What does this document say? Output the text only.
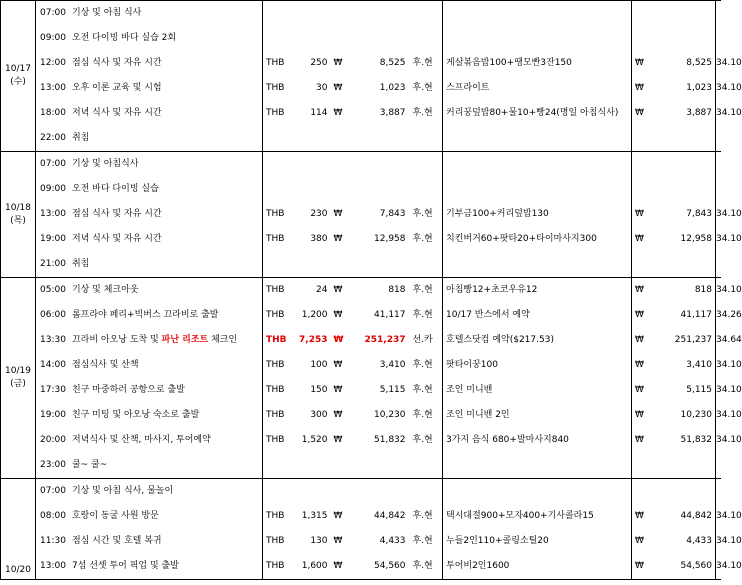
10/17
(수)	07:00 기상 및 아침 식사									
	09:00 오전 다이빙 바다 실습 2회									
	12:00 점심 식사 및 자유 시간	THB	250	₩	8,525	후.현	게살볶음밥100+땡모빤3잔150	₩	8,525	34.10
	13:00 오후 이론 교육 및 시험	THB	30	₩	1,023	후.현	스프라이트	₩	1,023	34.10
	18:00 저녁 식사 및 자유 시간	THB	114	₩	3,887	후.현	커리꿍덮밥80+물10+빵24(명일 아침식사)	₩	3,887	34.10
	22:00 취침									

10/18
(목)	07:00 기상 및 아침식사									
	09:00 오전 바다 다이빙 실습									
	13:00 점심 식사 및 자유 시간	THB	230	₩	7,843	후.현	기부금100+커리덮밥130	₩	7,843	34.10
	19:00 저녁 식사 및 자유 시간	THB	380	₩	12,958	후.현	치킨버거60+팟타20+타이마사지300	₩	12,958	34.10
	21:00 취침									

10/19
(금)	05:00 기상 및 체크아웃	THB	24	₩	818	후.현	아침빵12+초코우유12	₩	818	34.10
	06:00 롬프라야 페리+빅버스 끄라비로 출발	THB	1,200	₩	41,117	후.현	10/17 반스에서 예약	₩	41,117	34.26
	13:30 끄라비 아오낭 도착 및 파난 리조트 체크인	THB	7,253	₩	251,237	선.카	호텔스닷컴 예약($217.53)	₩	251,237	34.64
	14:00 점심식사 및 산책	THB	100	₩	3,410	후.현	팟타이꿍100	₩	3,410	34.10
	17:30 친구 마중하러 공항으로 출발	THB	150	₩	5,115	후.현	조인 미니밴	₩	5,115	34.10
	19:00 친구 미팅 및 아오낭 숙소로 출발	THB	300	₩	10,230	후.현	조인 미니밴 2인	₩	10,230	34.10
	20:00 저녁식사 및 산책, 마사지, 투어예약	THB	1,520	₩	51,832	후.현	3가지 음식 680+발마사지840	₩	51,832	34.10
	23:00 쿨~ 쿨~									

10/20	07:00 기상 및 아침 식사, 물놀이									
	08:00 호랑이 동굴 사원 방문	THB	1,315	₩	44,842	후.현	택시대절900+모자400+기사콜라15	₩	44,842	34.10
	11:30 점심 시간 및 호텔 복귀	THB	130	₩	4,433	후.현	누들2인110+콜링소틸20	₩	4,433	34.10
	13:00 7섬 선셋 투어 픽업 및 출발	THB	1,600	₩	54,560	후.현	투어비2인1600	₩	54,560	34.10
